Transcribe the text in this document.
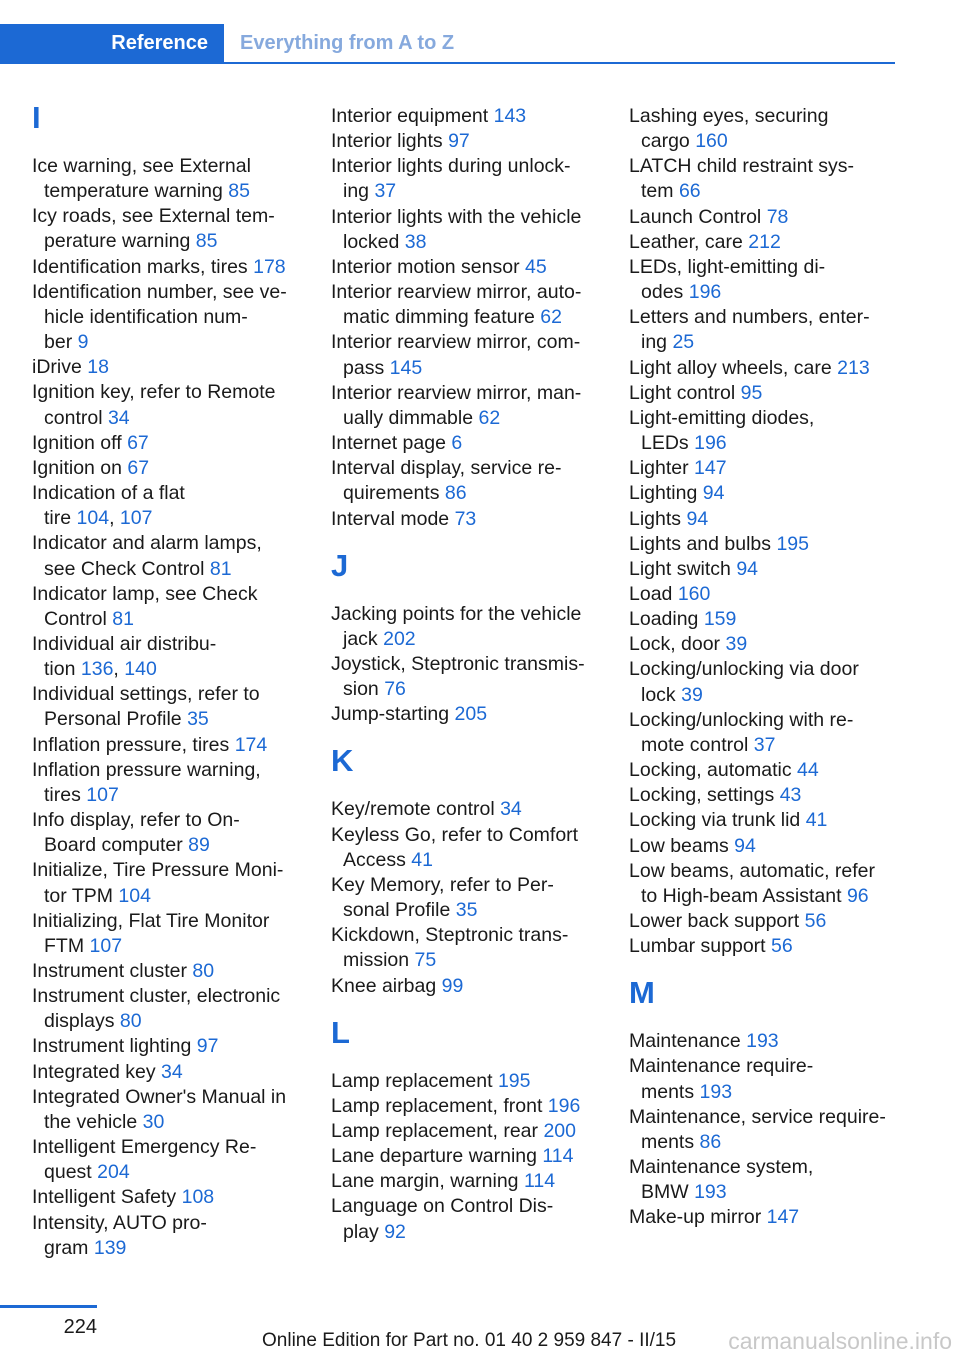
Reference	Everything from A to Z
I
Ice warning, see External
temperature warning 85
Icy roads, see External tem-
perature warning 85
Identification marks, tires 178
Identification number, see ve-
hicle identification num-
ber 9
iDrive 18
Ignition key, refer to Remote
control 34
Ignition off 67
Ignition on 67
Indication of a flat
tire 104, 107
Indicator and alarm lamps,
see Check Control 81
Indicator lamp, see Check
Control 81
Individual air distribu-
tion 136, 140
Individual settings, refer to
Personal Profile 35
Inflation pressure, tires 174
Inflation pressure warning,
tires 107
Info display, refer to On-
Board computer 89
Initialize, Tire Pressure Moni-
tor TPM 104
Initializing, Flat Tire Monitor
FTM 107
Instrument cluster 80
Instrument cluster, electronic
displays 80
Instrument lighting 97
Integrated key 34
Integrated Owner's Manual in
the vehicle 30
Intelligent Emergency Re-
quest 204
Intelligent Safety 108
Intensity, AUTO pro-
gram 139
Interior equipment 143
Interior lights 97
Interior lights during unlock-
ing 37
Interior lights with the vehicle
locked 38
Interior motion sensor 45
Interior rearview mirror, auto-
matic dimming feature 62
Interior rearview mirror, com-
pass 145
Interior rearview mirror, man-
ually dimmable 62
Internet page 6
Interval display, service re-
quirements 86
Interval mode 73
J
Jacking points for the vehicle
jack 202
Joystick, Steptronic transmis-
sion 76
Jump-starting 205
K
Key/remote control 34
Keyless Go, refer to Comfort
Access 41
Key Memory, refer to Per-
sonal Profile 35
Kickdown, Steptronic trans-
mission 75
Knee airbag 99
L
Lamp replacement 195
Lamp replacement, front 196
Lamp replacement, rear 200
Lane departure warning 114
Lane margin, warning 114
Language on Control Dis-
play 92
Lashing eyes, securing
cargo 160
LATCH child restraint sys-
tem 66
Launch Control 78
Leather, care 212
LEDs, light-emitting di-
odes 196
Letters and numbers, enter-
ing 25
Light alloy wheels, care 213
Light control 95
Light-emitting diodes,
LEDs 196
Lighter 147
Lighting 94
Lights 94
Lights and bulbs 195
Light switch 94
Load 160
Loading 159
Lock, door 39
Locking/unlocking via door
lock 39
Locking/unlocking with re-
mote control 37
Locking, automatic 44
Locking, settings 43
Locking via trunk lid 41
Low beams 94
Low beams, automatic, refer
to High-beam Assistant 96
Lower back support 56
Lumbar support 56
M
Maintenance 193
Maintenance require-
ments 193
Maintenance, service require-
ments 86
Maintenance system,
BMW 193
Make-up mirror 147
224
Online Edition for Part no. 01 40 2 959 847 - II/15 carmanualsonline.info
